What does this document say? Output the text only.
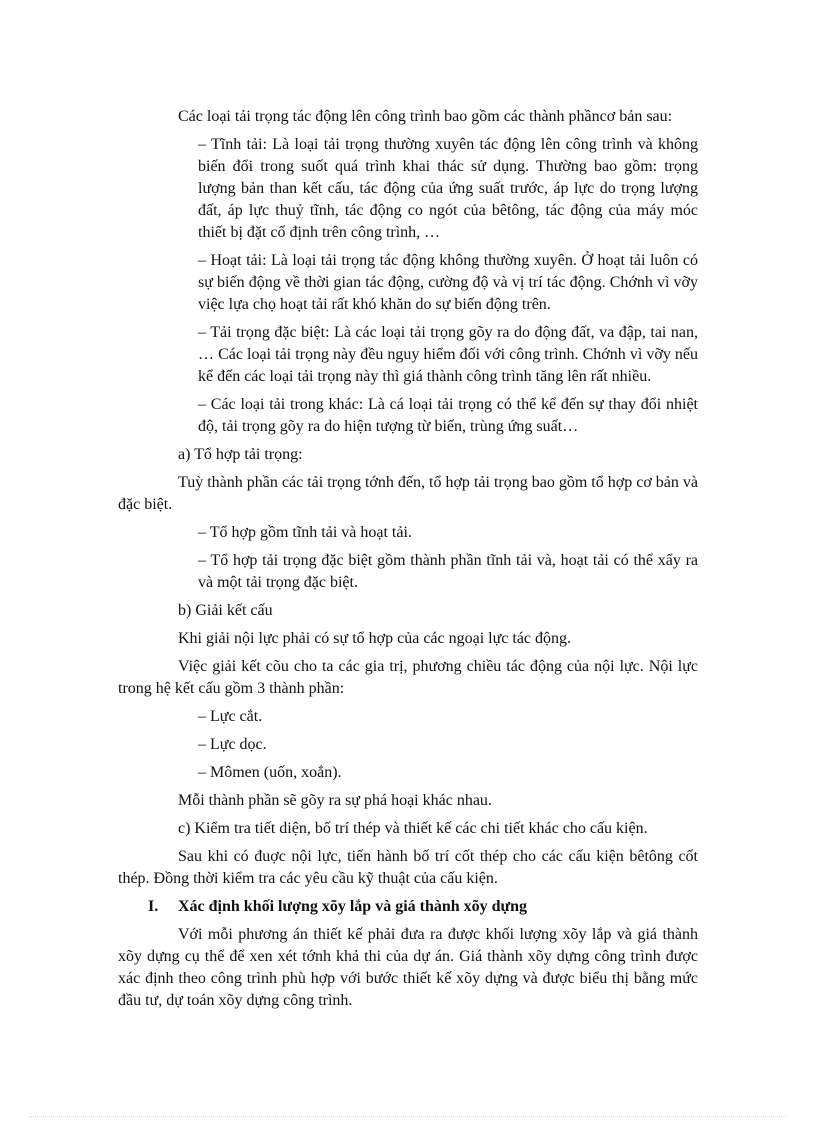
Các loại tải trọng tác động lên công trình bao gồm các thành phầncơ bản sau:

– Tĩnh tải: Là loại tải trọng thường xuyên tác động lên công trình và không biến đổi trong suốt quá trình khai thác sử dụng. Thường bao gồm: trọng lượng bản than kết cấu, tác động của ứng suất trước, áp lực do trọng lượng đất, áp lực thuỷ tĩnh, tác động co ngót của bêtông, tác động của máy móc thiết bị đặt cố định trên công trình, …

– Hoạt tải: Là loại tải trọng tác động không thường xuyên. Ở hoạt tải luôn có sự biến động về thời gian tác động, cường độ và vị trí tác động. Chớnh vì vỡy việc lựa chọ hoạt tải rất khó khăn do sự biến động trên.

– Tải trọng đặc biệt: Là các loại tải trọng gõy ra do động đất, va đập, tai nan, … Các loại tải trọng này đều nguy hiểm đối với công trình. Chớnh vì vỡy nếu kể đến các loại tải trọng này thì giá thành công trình tăng lên rất nhiều.

– Các loại tải trong khác: Là cá loại tải trọng có thể kể đến sự thay đổi nhiệt độ, tải trọng gõy ra do hiện tượng từ biến, trùng ứng suất…

a) Tổ hợp tải trọng:

Tuỳ thành phần các tải trọng tớnh đến, tổ hợp tải trọng bao gồm tổ hợp cơ bản và đặc biệt.

– Tổ hợp gồm tĩnh tải và hoạt tải.

– Tổ hợp tải trọng đặc biệt gồm thành phần tĩnh tải và, hoạt tải có thể xẩy ra và một tải trọng đặc biệt.

b) Giải kết cấu

Khi giải nội lực phải có sự tổ hợp của các ngoại lực tác động.

Việc giải kết cõu cho ta các gia trị, phương chiều tác động của nội lực. Nội lực trong hệ kết cấu gồm 3 thành phần:

– Lực cắt.

– Lực dọc.

– Mômen (uốn, xoắn).

Mỗi thành phần sẽ gõy ra sự phá hoại khác nhau.

c) Kiểm tra tiết diện, bố trí thép và thiết kế các chi tiết khác cho cấu kiện.

Sau khi có đuợc nội lực, tiến hành bố trí cốt thép cho các cấu kiện bêtông cốt thép. Đồng thời kiểm tra các yêu cầu kỹ thuật của cấu kiện.

I. Xác định khối lượng xõy lắp và giá thành xõy dựng

Với mỗi phương án thiết kế phải đưa ra được khối lượng xõy lắp và giá thành xõy dựng cụ thể để xen xét tớnh khả thi của dự án. Giá thành xõy dựng công trình được xác định theo công trình phù hợp với bước thiết kế xõy dựng và được biểu thị bằng mức đầu tư, dự toán xõy dựng công trình.
